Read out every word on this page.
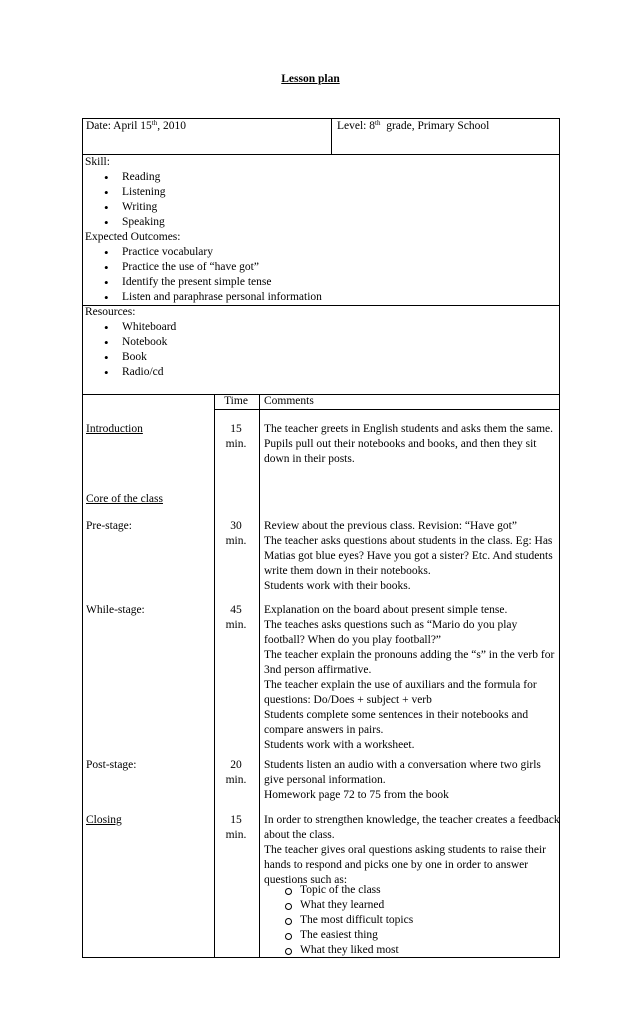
Lesson plan
Date: April 15th, 2010	Level: 8th  grade, Primary School
Skill:
• Reading
• Listening
• Writing
• Speaking
Expected Outcomes:
• Practice vocabulary
• Practice the use of “have got”
• Identify the present simple tense
• Listen and paraphrase personal information
Resources:
• Whiteboard
• Notebook
• Book
• Radio/cd
Time	Comments
Introduction	15
min.
The teacher greets in English students and asks them the same.
Pupils pull out their notebooks and books, and then they sit down in their posts.
Core of the class
Pre-stage:	30
min.
Review about the previous class. Revision: “Have got”
The teacher asks questions about students in the class. Eg: Has Matias got blue eyes? Have you got a sister? Etc. And students write them down in their notebooks.
Students work with their books.
While-stage:	45
min.
Explanation on the board about present simple tense.
The teaches asks questions such as “Mario do you play football? When do you play football?”
The teacher explain the pronouns adding the “s” in the verb for 3nd person affirmative.
The teacher explain the use of auxiliars and the formula for questions: Do/Does + subject + verb
Students complete some sentences in their notebooks and compare answers in pairs.
Students work with a worksheet.
Post-stage:	20
min.
Students listen an audio with a conversation where two girls give personal information.
Homework page 72 to 75 from the book
Closing	15
min.
In order to strengthen knowledge, the teacher creates a feedback about the class.
The teacher gives oral questions asking students to raise their hands to respond and picks one by one in order to answer questions such as:
Topic of the class
What they learned
The most difficult topics
The easiest thing
What they liked most
